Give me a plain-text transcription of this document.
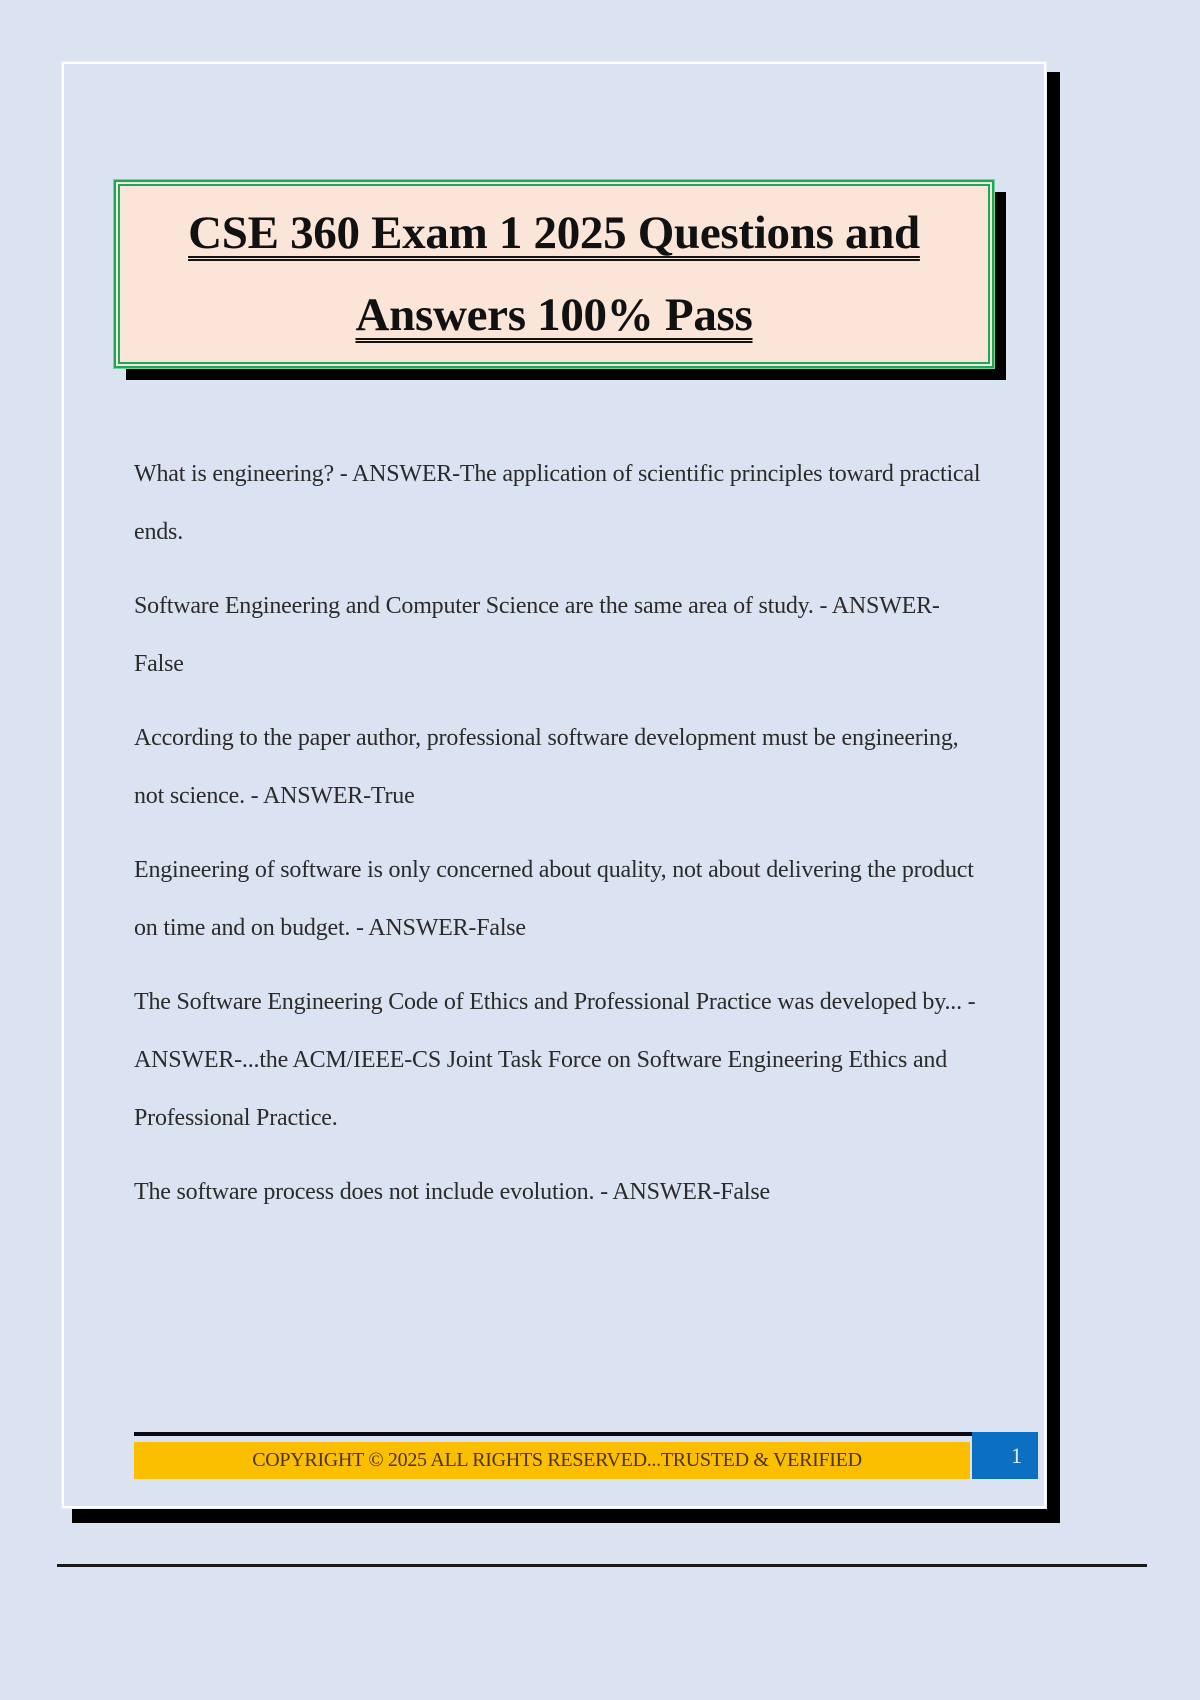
CSE 360 Exam 1 2025 Questions and
Answers 100% Pass

What is engineering? - ANSWER-The application of scientific principles toward practical ends.

Software Engineering and Computer Science are the same area of study. - ANSWER-False

According to the paper author, professional software development must be engineering, not science. - ANSWER-True

Engineering of software is only concerned about quality, not about delivering the product on time and on budget. - ANSWER-False

The Software Engineering Code of Ethics and Professional Practice was developed by... - ANSWER-...the ACM/IEEE-CS Joint Task Force on Software Engineering Ethics and Professional Practice.

The software process does not include evolution. - ANSWER-False

COPYRIGHT © 2025 ALL RIGHTS RESERVED...TRUSTED & VERIFIED	1
